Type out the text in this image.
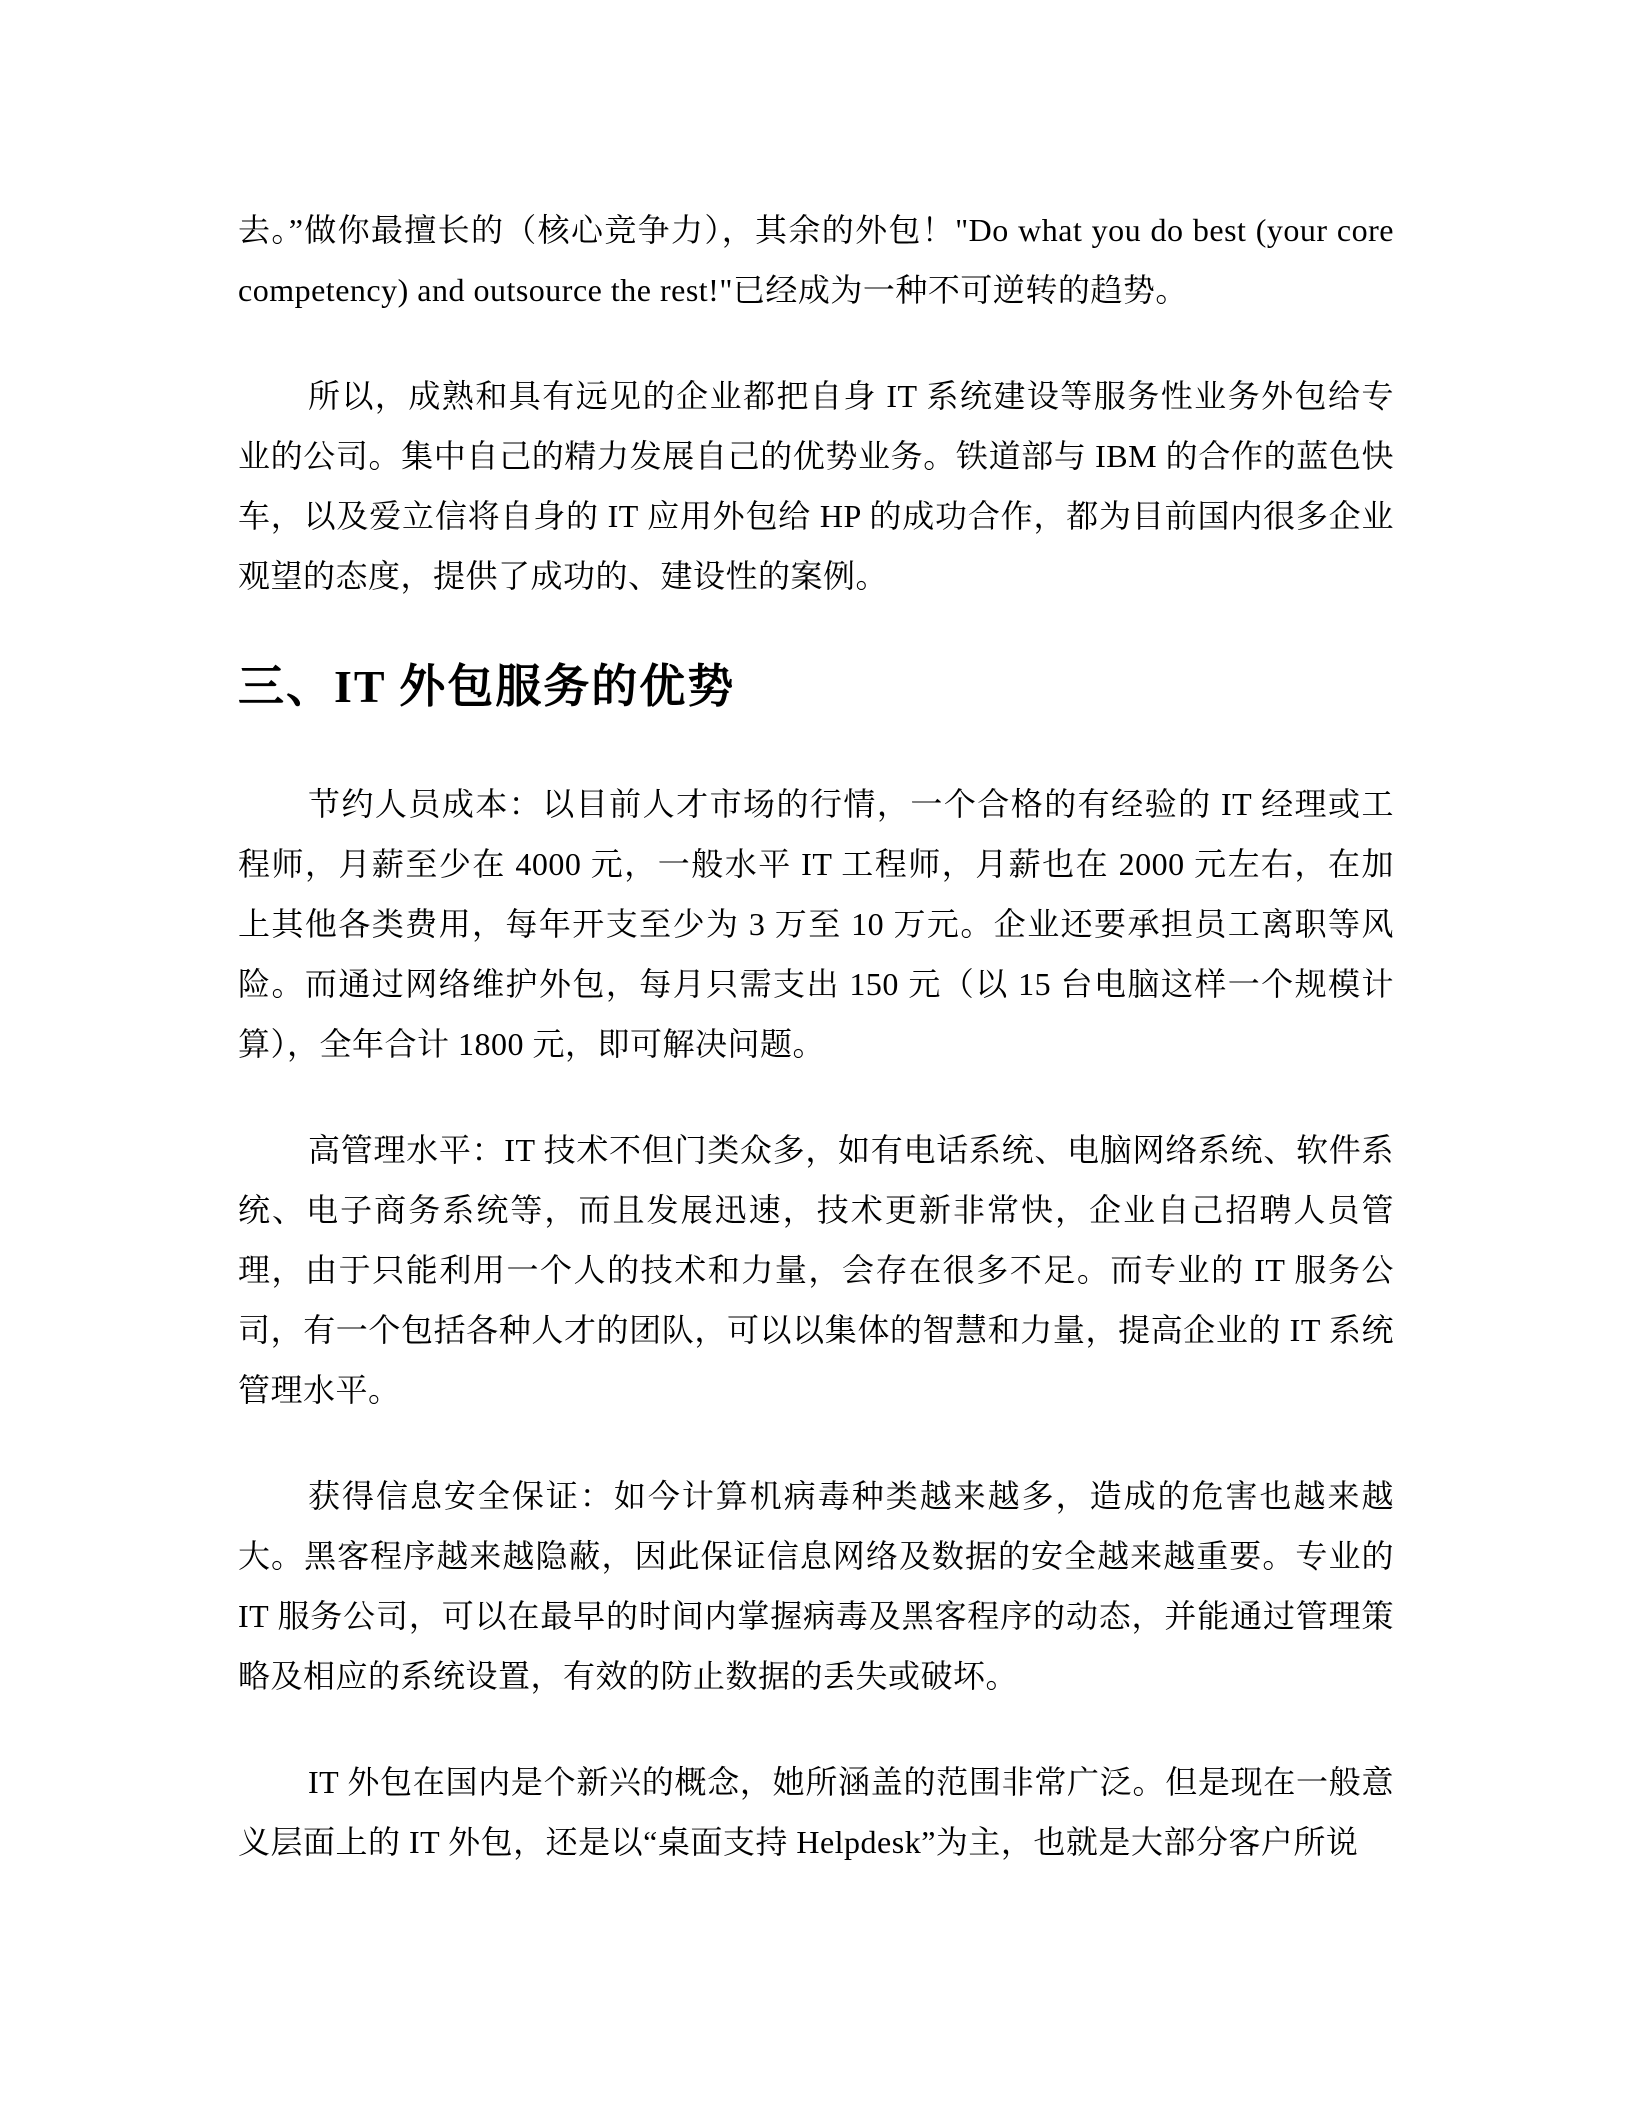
去。”做你最擅长的（核心竞争力），其余的外包！"Do what you do best (your core competency) and outsource the rest!"已经成为一种不可逆转的趋势。

所以，成熟和具有远见的企业都把自身 IT 系统建设等服务性业务外包给专业的公司。集中自己的精力发展自己的优势业务。铁道部与 IBM 的合作的蓝色快车，以及爱立信将自身的 IT 应用外包给 HP 的成功合作，都为目前国内很多企业观望的态度，提供了成功的、建设性的案例。

三、IT 外包服务的优势

节约人员成本：以目前人才市场的行情，一个合格的有经验的 IT 经理或工程师，月薪至少在 4000 元，一般水平 IT 工程师，月薪也在 2000 元左右，在加上其他各类费用，每年开支至少为 3 万至 10 万元。企业还要承担员工离职等风险。而通过网络维护外包，每月只需支出 150 元（以 15 台电脑这样一个规模计算），全年合计 1800 元，即可解决问题。

高管理水平：IT 技术不但门类众多，如有电话系统、电脑网络系统、软件系统、电子商务系统等，而且发展迅速，技术更新非常快，企业自己招聘人员管理，由于只能利用一个人的技术和力量，会存在很多不足。而专业的 IT 服务公司，有一个包括各种人才的团队，可以以集体的智慧和力量，提高企业的 IT 系统管理水平。

获得信息安全保证：如今计算机病毒种类越来越多，造成的危害也越来越大。黑客程序越来越隐蔽，因此保证信息网络及数据的安全越来越重要。专业的 IT 服务公司，可以在最早的时间内掌握病毒及黑客程序的动态，并能通过管理策略及相应的系统设置，有效的防止数据的丢失或破坏。

IT 外包在国内是个新兴的概念，她所涵盖的范围非常广泛。但是现在一般意义层面上的 IT 外包，还是以“桌面支持 Helpdesk”为主，也就是大部分客户所说
